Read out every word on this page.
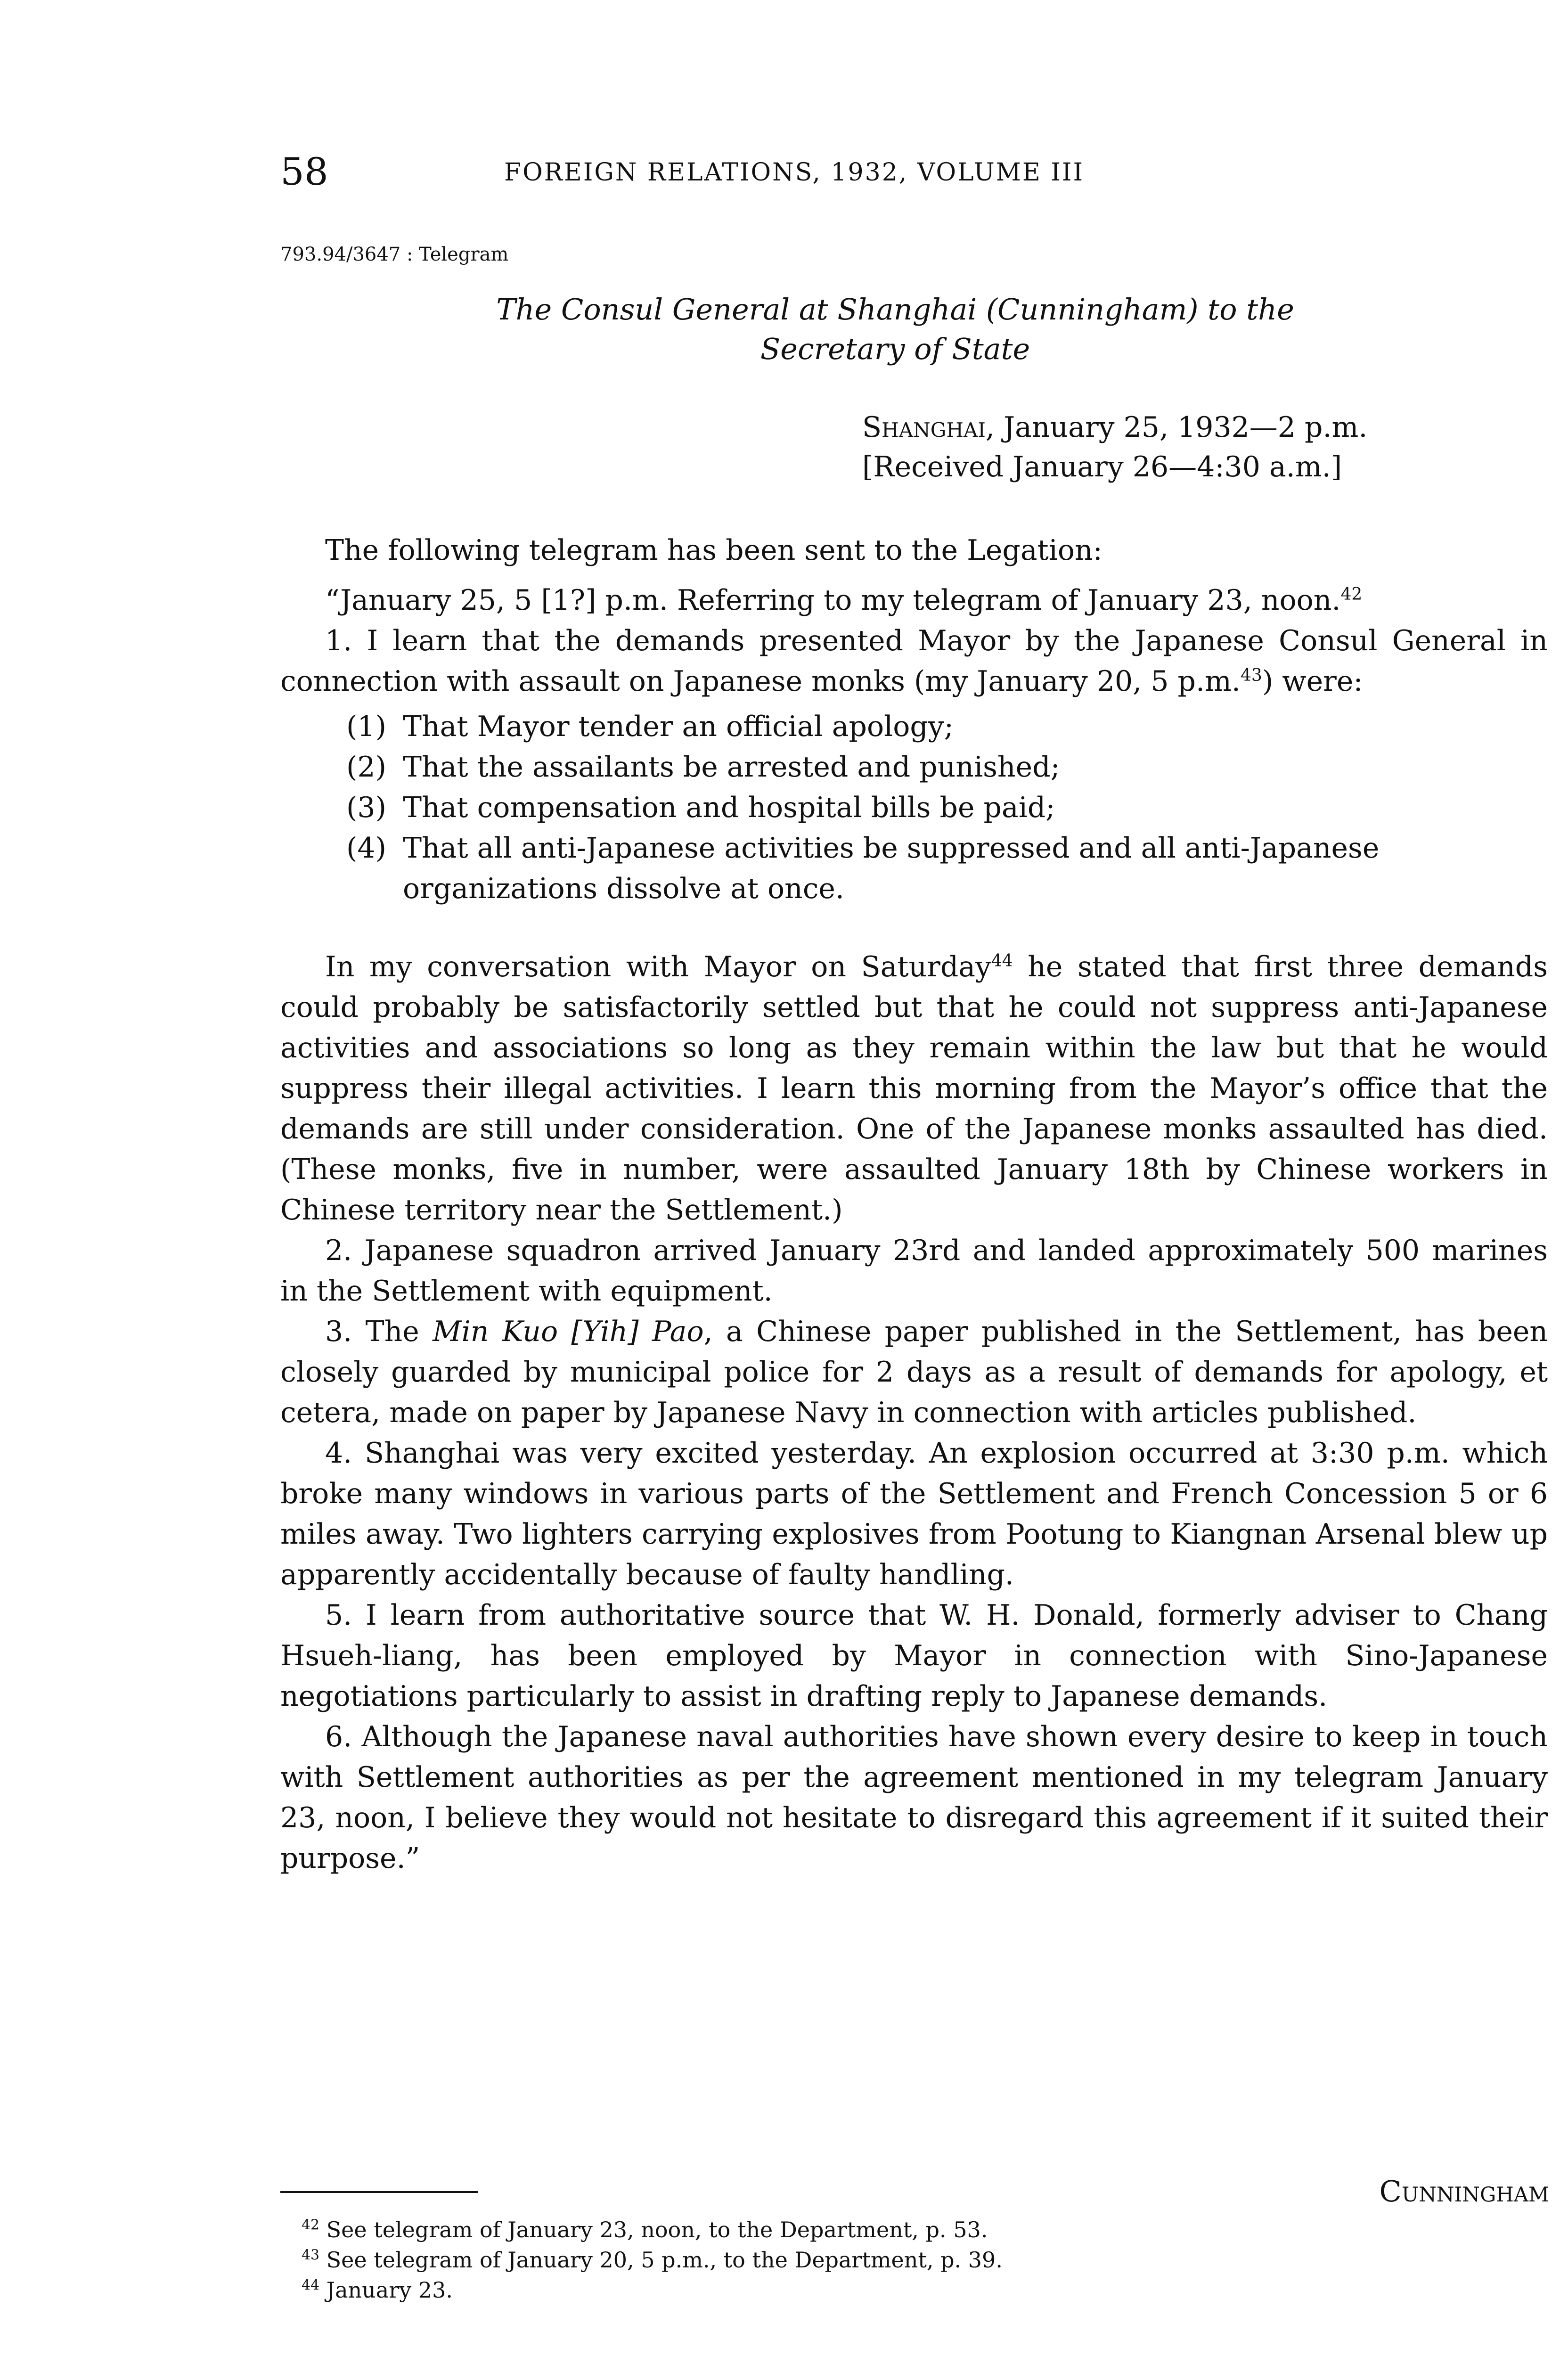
58	FOREIGN RELATIONS, 1932, VOLUME III
793.94/3647 : Telegram
The Consul General at Shanghai (Cunningham) to the
Secretary of State
Shanghai, January 25, 1932—2 p.m.
[Received January 26—4:30 a.m.]

The following telegram has been sent to the Legation:

“January 25, 5 [1?] p.m. Referring to my telegram of January 23, noon.$^{42}$

1. I learn that the demands presented Mayor by the Japanese Consul General in connection with assault on Japanese monks (my January 20, 5 p.m.$^{43}$) were:

(1) That Mayor tender an official apology;
(2) That the assailants be arrested and punished;
(3) That compensation and hospital bills be paid;
(4) That all anti-Japanese activities be suppressed and all anti-Japanese organizations dissolve at once.

In my conversation with Mayor on Saturday$^{44}$ he stated that first three demands could probably be satisfactorily settled but that he could not suppress anti-Japanese activities and associations so long as they remain within the law but that he would suppress their illegal activities. I learn this morning from the Mayor’s office that the demands are still under consideration. One of the Japanese monks assaulted has died. (These monks, five in number, were assaulted January 18th by Chinese workers in Chinese territory near the Settlement.)

2. Japanese squadron arrived January 23rd and landed approximately 500 marines in the Settlement with equipment.

3. The Min Kuo [Yih] Pao, a Chinese paper published in the Settlement, has been closely guarded by municipal police for 2 days as a result of demands for apology, et cetera, made on paper by Japanese Navy in connection with articles published.

4. Shanghai was very excited yesterday. An explosion occurred at 3:30 p.m. which broke many windows in various parts of the Settlement and French Concession 5 or 6 miles away. Two lighters carrying explosives from Pootung to Kiangnan Arsenal blew up apparently accidentally because of faulty handling.

5. I learn from authoritative source that W. H. Donald, formerly adviser to Chang Hsueh-liang, has been employed by Mayor in connection with Sino-Japanese negotiations particularly to assist in drafting reply to Japanese demands.

6. Although the Japanese naval authorities have shown every desire to keep in touch with Settlement authorities as per the agreement mentioned in my telegram January 23, noon, I believe they would not hesitate to disregard this agreement if it suited their purpose.”

Cunningham
$^{42}$ See telegram of January 23, noon, to the Department, p. 53.
$^{43}$ See telegram of January 20, 5 p.m., to the Department, p. 39.
$^{44}$ January 23.
